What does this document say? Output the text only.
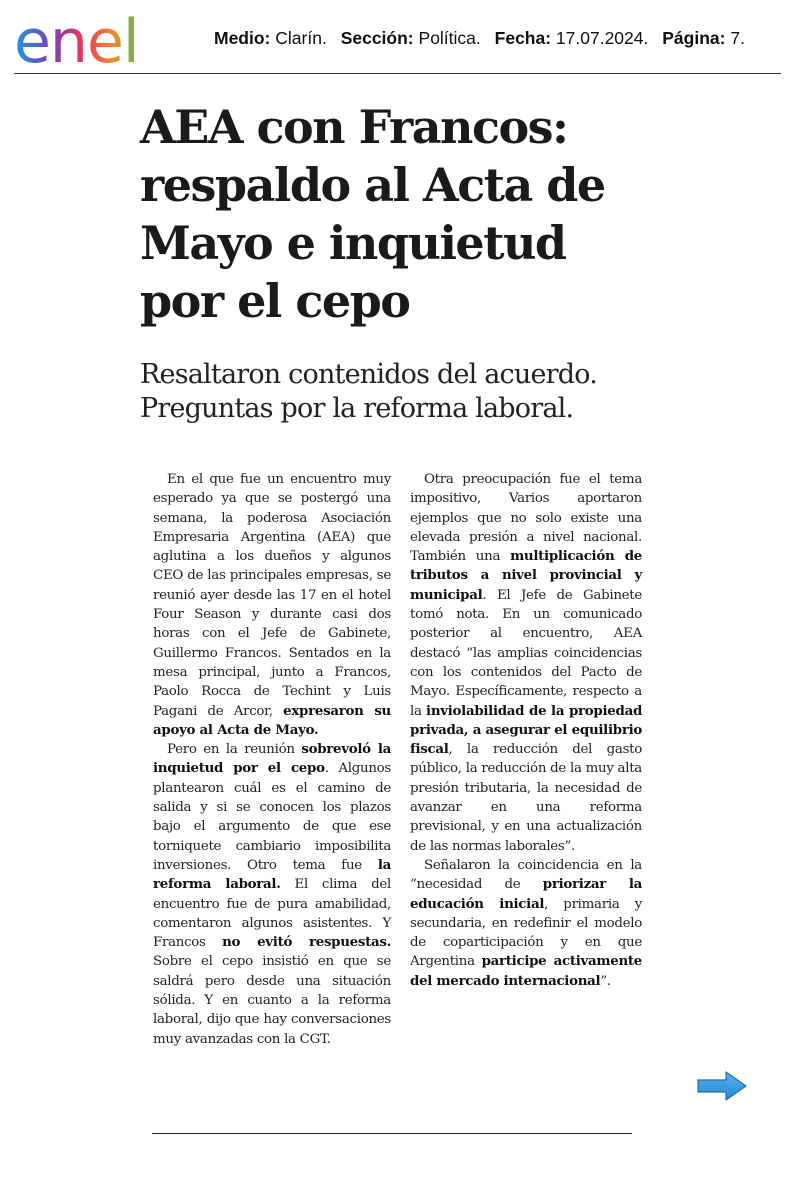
enel	Medio: Clarín. Sección: Política. Fecha: 17.07.2024. Página: 7.
AEA con Francos: respaldo al Acta de Mayo e inquietud por el cepo
Resaltaron contenidos del acuerdo. Preguntas por la reforma laboral.

En el que fue un encuentro muy esperado ya que se postergó una semana, la poderosa Asociación Empresaria Argentina (AEA) que aglutina a los dueños y algunos CEO de las principales empresas, se reunió ayer desde las 17 en el hotel Four Season y durante casi dos horas con el Jefe de Gabinete, Guillermo Francos. Sentados en la mesa principal, junto a Francos, Paolo Rocca de Techint y Luis Pagani de Arcor, expresaron su apoyo al Acta de Mayo.

Pero en la reunión sobrevoló la inquietud por el cepo. Algunos plantearon cuál es el camino de salida y si se conocen los plazos bajo el argumento de que ese torniquete cambiario imposibilita inversiones. Otro tema fue la reforma laboral. El clima del encuentro fue de pura amabilidad, comentaron algunos asistentes. Y Francos no evitó respuestas. Sobre el cepo insistió en que se saldrá pero desde una situación sólida. Y en cuanto a la reforma laboral, dijo que hay conversaciones muy avanzadas con la CGT.

Otra preocupación fue el tema impositivo, Varios aportaron ejemplos que no solo existe una elevada presión a nivel nacional. También una multiplicación de tributos a nivel provincial y municipal. El Jefe de Gabinete tomó nota. En un comunicado posterior al encuentro, AEA destacó “las amplias coincidencias con los contenidos del Pacto de Mayo. Específicamente, respecto a la inviolabilidad de la propiedad privada, a asegurar el equilibrio fiscal, la reducción del gasto público, la reducción de la muy alta presión tributaria, la necesidad de avanzar en una reforma previsional, y en una actualización de las normas laborales”.

Señalaron la coincidencia en la “necesidad de priorizar la educación inicial, primaria y secundaria, en redefinir el modelo de coparticipación y en que Argentina participe activamente del mercado internacional”.
